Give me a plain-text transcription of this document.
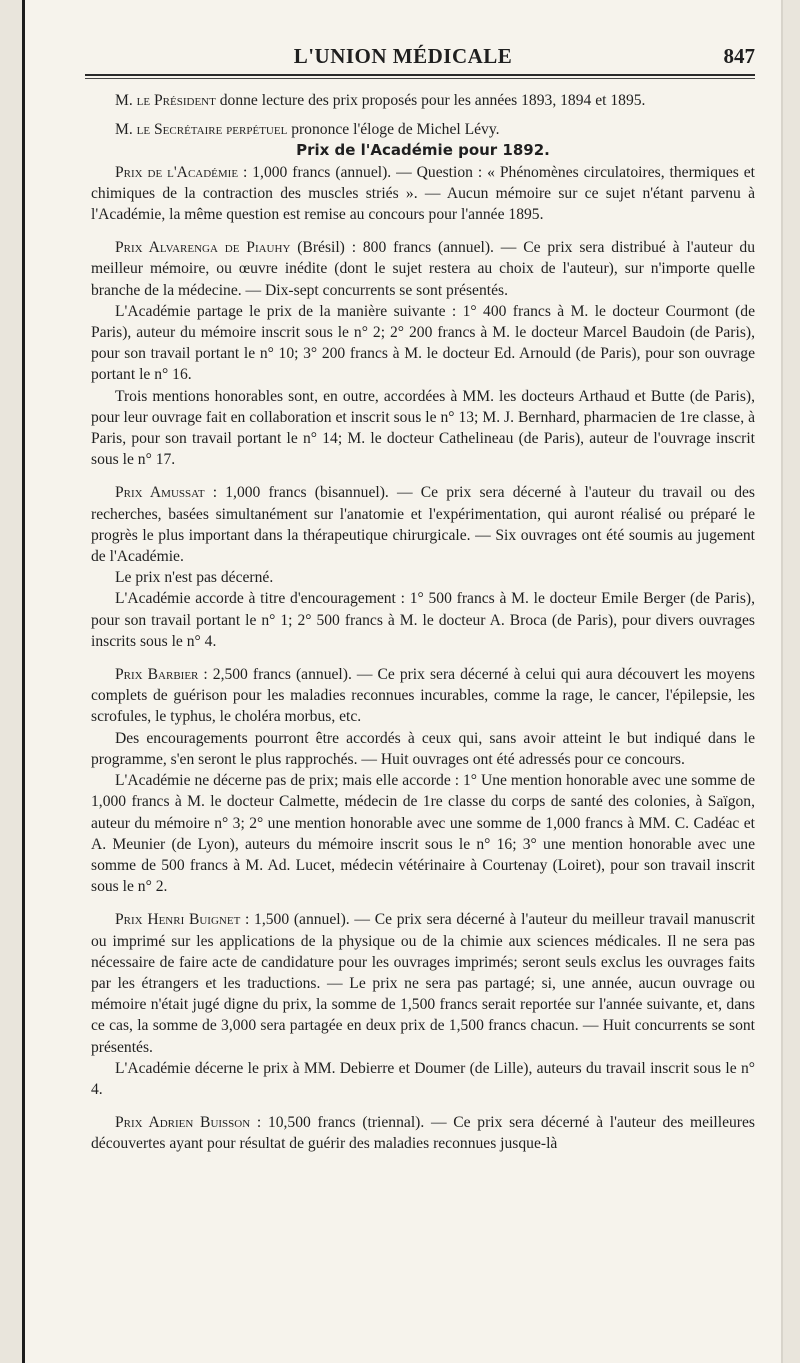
L'UNION MÉDICALE	847

M. le Président donne lecture des prix proposés pour les années 1893, 1894 et 1895.

M. le Secrétaire perpétuel prononce l'éloge de Michel Lévy.

Prix de l'Académie pour 1892.

Prix de l'Académie : 1,000 francs (annuel). — Question : « Phénomènes circulatoires, thermiques et chimiques de la contraction des muscles striés ». — Aucun mémoire sur ce sujet n'étant parvenu à l'Académie, la même question est remise au concours pour l'année 1895.

Prix Alvarenga de Piauhy (Brésil) : 800 francs (annuel). — Ce prix sera distribué à l'auteur du meilleur mémoire, ou œuvre inédite (dont le sujet restera au choix de l'auteur), sur n'importe quelle branche de la médecine. — Dix-sept concurrents se sont présentés.

L'Académie partage le prix de la manière suivante : 1° 400 francs à M. le docteur Courmont (de Paris), auteur du mémoire inscrit sous le n° 2; 2° 200 francs à M. le docteur Marcel Baudoin (de Paris), pour son travail portant le n° 10; 3° 200 francs à M. le docteur Ed. Arnould (de Paris), pour son ouvrage portant le n° 16.

Trois mentions honorables sont, en outre, accordées à MM. les docteurs Arthaud et Butte (de Paris), pour leur ouvrage fait en collaboration et inscrit sous le n° 13; M. J. Bernhard, pharmacien de 1re classe, à Paris, pour son travail portant le n° 14; M. le docteur Cathelineau (de Paris), auteur de l'ouvrage inscrit sous le n° 17.

Prix Amussat : 1,000 francs (bisannuel). — Ce prix sera décerné à l'auteur du travail ou des recherches, basées simultanément sur l'anatomie et l'expérimentation, qui auront réalisé ou préparé le progrès le plus important dans la thérapeutique chirurgicale. — Six ouvrages ont été soumis au jugement de l'Académie.

Le prix n'est pas décerné.

L'Académie accorde à titre d'encouragement : 1° 500 francs à M. le docteur Emile Berger (de Paris), pour son travail portant le n° 1; 2° 500 francs à M. le docteur A. Broca (de Paris), pour divers ouvrages inscrits sous le n° 4.

Prix Barbier : 2,500 francs (annuel). — Ce prix sera décerné à celui qui aura découvert les moyens complets de guérison pour les maladies reconnues incurables, comme la rage, le cancer, l'épilepsie, les scrofules, le typhus, le choléra morbus, etc.

Des encouragements pourront être accordés à ceux qui, sans avoir atteint le but indiqué dans le programme, s'en seront le plus rapprochés. — Huit ouvrages ont été adressés pour ce concours.

L'Académie ne décerne pas de prix; mais elle accorde : 1° Une mention honorable avec une somme de 1,000 francs à M. le docteur Calmette, médecin de 1re classe du corps de santé des colonies, à Saïgon, auteur du mémoire n° 3; 2° une mention honorable avec une somme de 1,000 francs à MM. C. Cadéac et A. Meunier (de Lyon), auteurs du mémoire inscrit sous le n° 16; 3° une mention honorable avec une somme de 500 francs à M. Ad. Lucet, médecin vétérinaire à Courtenay (Loiret), pour son travail inscrit sous le n° 2.

Prix Henri Buignet : 1,500 (annuel). — Ce prix sera décerné à l'auteur du meilleur travail manuscrit ou imprimé sur les applications de la physique ou de la chimie aux sciences médicales. Il ne sera pas nécessaire de faire acte de candidature pour les ouvrages imprimés; seront seuls exclus les ouvrages faits par les étrangers et les traductions. — Le prix ne sera pas partagé; si, une année, aucun ouvrage ou mémoire n'était jugé digne du prix, la somme de 1,500 francs serait reportée sur l'année suivante, et, dans ce cas, la somme de 3,000 sera partagée en deux prix de 1,500 francs chacun. — Huit concurrents se sont présentés.

L'Académie décerne le prix à MM. Debierre et Doumer (de Lille), auteurs du travail inscrit sous le n° 4.

Prix Adrien Buisson : 10,500 francs (triennal). — Ce prix sera décerné à l'auteur des meilleures découvertes ayant pour résultat de guérir des maladies reconnues jusque-là
